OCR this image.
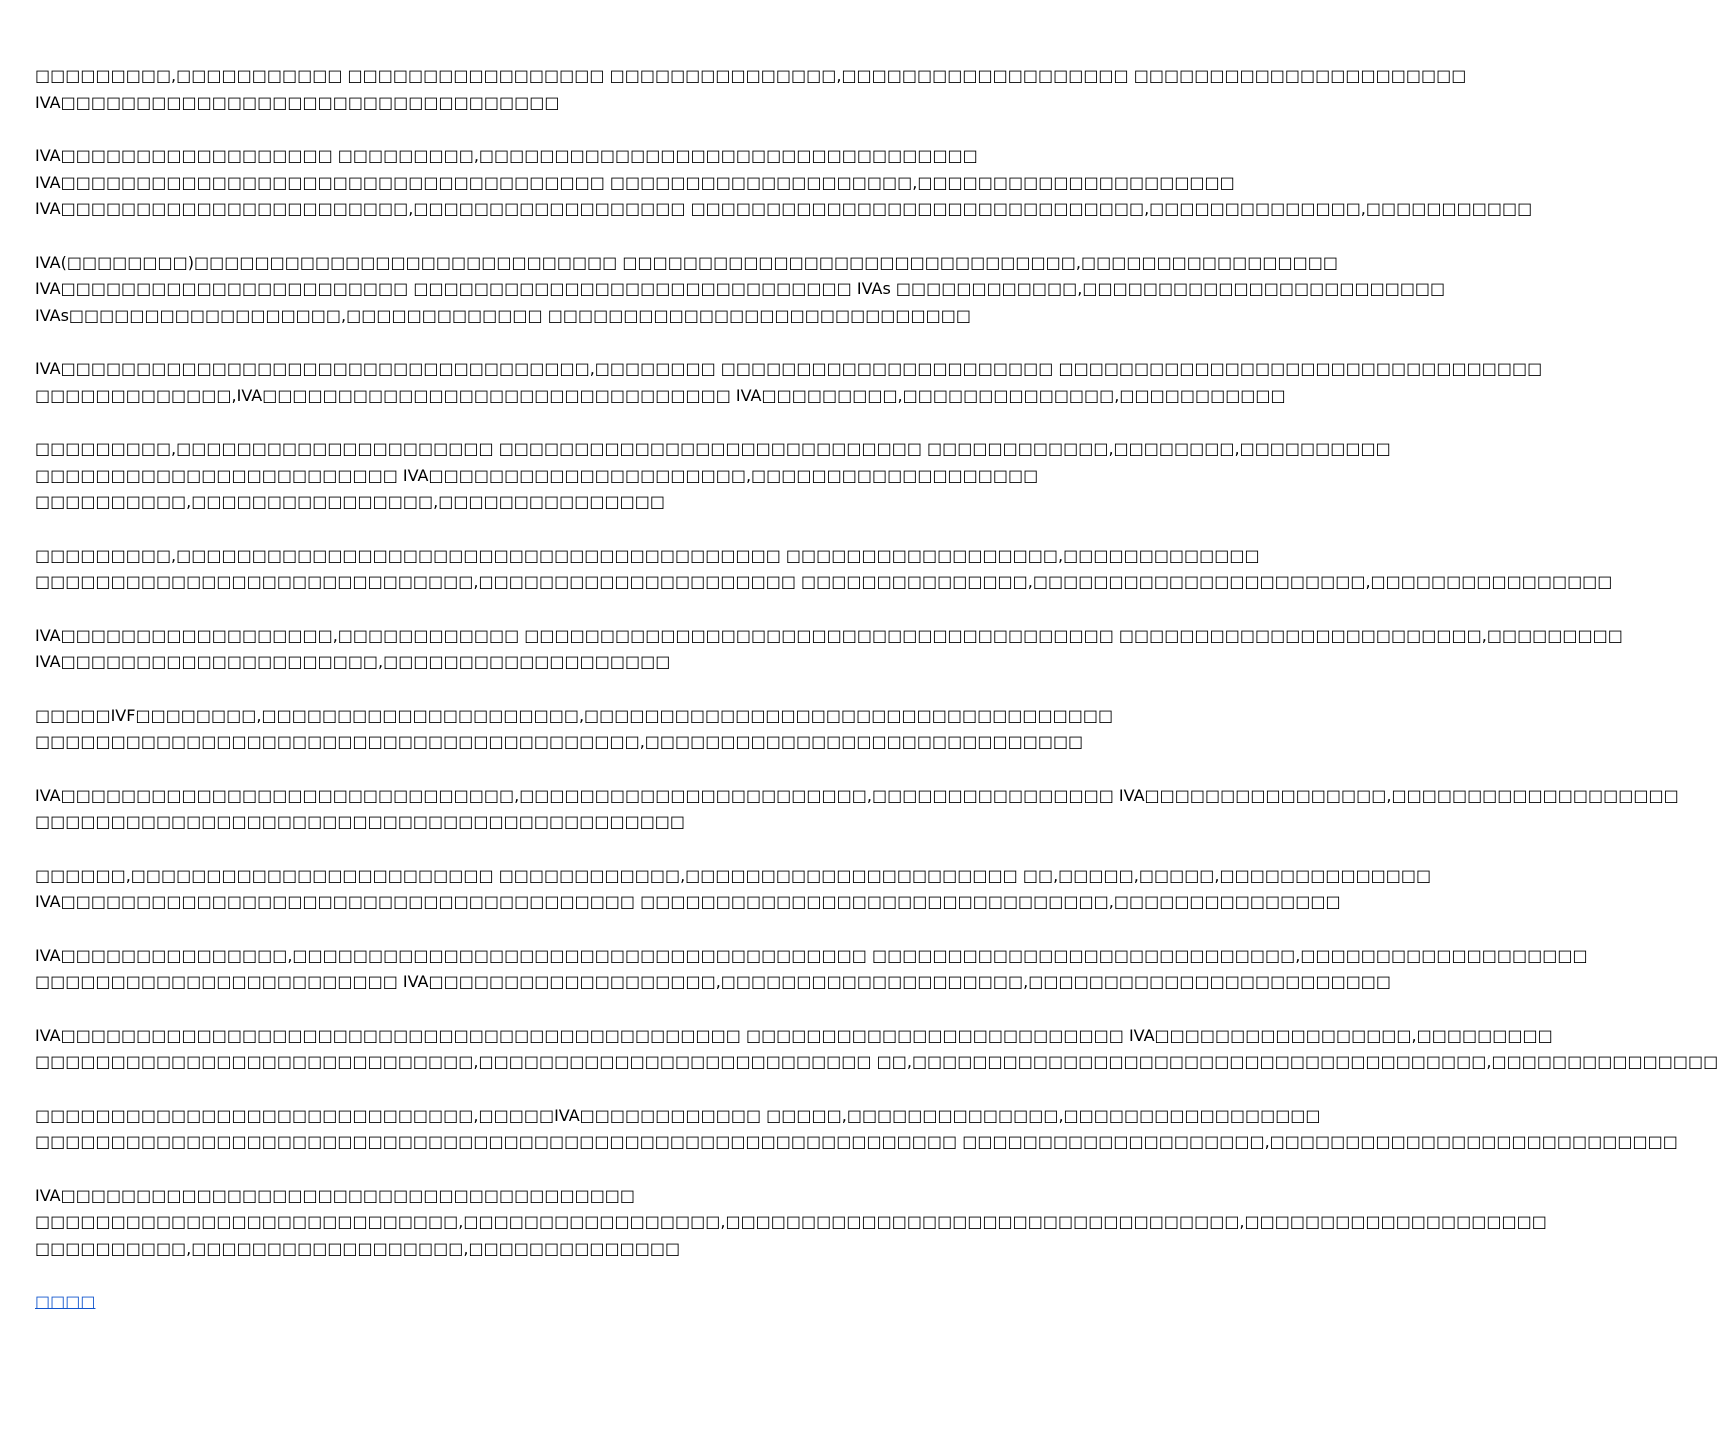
□□□□□□□□□,□□□□□□□□□□□ □□□□□□□□□□□□□□□□□ □□□□□□□□□□□□□□□,□□□□□□□□□□□□□□□□□□□ □□□□□□□□□□□□□□□□□□□□□□
IVA□□□□□□□□□□□□□□□□□□□□□□□□□□□□□□□□□
IVA□□□□□□□□□□□□□□□□□□ □□□□□□□□□,□□□□□□□□□□□□□□□□□□□□□□□□□□□□□□□□□
IVA□□□□□□□□□□□□□□□□□□□□□□□□□□□□□□□□□□□□ □□□□□□□□□□□□□□□□□□□□,□□□□□□□□□□□□□□□□□□□□□
IVA□□□□□□□□□□□□□□□□□□□□□□□,□□□□□□□□□□□□□□□□□□ □□□□□□□□□□□□□□□□□□□□□□□□□□□□□□,□□□□□□□□□□□□□□,□□□□□□□□□□□
IVA(□□□□□□□□)□□□□□□□□□□□□□□□□□□□□□□□□□□□□ □□□□□□□□□□□□□□□□□□□□□□□□□□□□□□,□□□□□□□□□□□□□□□□□
IVA□□□□□□□□□□□□□□□□□□□□□□□ □□□□□□□□□□□□□□□□□□□□□□□□□□□□□ IVAs □□□□□□□□□□□□,□□□□□□□□□□□□□□□□□□□□□□□□
IVAs□□□□□□□□□□□□□□□□□□,□□□□□□□□□□□□□ □□□□□□□□□□□□□□□□□□□□□□□□□□□□
IVA□□□□□□□□□□□□□□□□□□□□□□□□□□□□□□□□□□□,□□□□□□□□ □□□□□□□□□□□□□□□□□□□□□□ □□□□□□□□□□□□□□□□□□□□□□□□□□□□□□□□
□□□□□□□□□□□□□,IVA□□□□□□□□□□□□□□□□□□□□□□□□□□□□□□□ IVA□□□□□□□□□,□□□□□□□□□□□□□□,□□□□□□□□□□□
□□□□□□□□□,□□□□□□□□□□□□□□□□□□□□□ □□□□□□□□□□□□□□□□□□□□□□□□□□□□ □□□□□□□□□□□□,□□□□□□□□,□□□□□□□□□□
□□□□□□□□□□□□□□□□□□□□□□□□ IVA□□□□□□□□□□□□□□□□□□□□□,□□□□□□□□□□□□□□□□□□□
□□□□□□□□□□,□□□□□□□□□□□□□□□□,□□□□□□□□□□□□□□□
□□□□□□□□□,□□□□□□□□□□□□□□□□□□□□□□□□□□□□□□□□□□□□□□□□ □□□□□□□□□□□□□□□□□□,□□□□□□□□□□□□□
□□□□□□□□□□□□□□□□□□□□□□□□□□□□□,□□□□□□□□□□□□□□□□□□□□□ □□□□□□□□□□□□□□□,□□□□□□□□□□□□□□□□□□□□□□,□□□□□□□□□□□□□□□□
IVA□□□□□□□□□□□□□□□□□□,□□□□□□□□□□□□ □□□□□□□□□□□□□□□□□□□□□□□□□□□□□□□□□□□□□□□ □□□□□□□□□□□□□□□□□□□□□□□□,□□□□□□□□□
IVA□□□□□□□□□□□□□□□□□□□□□,□□□□□□□□□□□□□□□□□□□
□□□□□IVF□□□□□□□□,□□□□□□□□□□□□□□□□□□□□□,□□□□□□□□□□□□□□□□□□□□□□□□□□□□□□□□□□□
□□□□□□□□□□□□□□□□□□□□□□□□□□□□□□□□□□□□□□□□,□□□□□□□□□□□□□□□□□□□□□□□□□□□□□
IVA□□□□□□□□□□□□□□□□□□□□□□□□□□□□□□,□□□□□□□□□□□□□□□□□□□□□□□,□□□□□□□□□□□□□□□□ IVA□□□□□□□□□□□□□□□□,□□□□□□□□□□□□□□□□□□□
□□□□□□□□□□□□□□□□□□□□□□□□□□□□□□□□□□□□□□□□□□□
□□□□□□,□□□□□□□□□□□□□□□□□□□□□□□□ □□□□□□□□□□□□,□□□□□□□□□□□□□□□□□□□□□□ □□,□□□□□,□□□□□,□□□□□□□□□□□□□□
IVA□□□□□□□□□□□□□□□□□□□□□□□□□□□□□□□□□□□□□□ □□□□□□□□□□□□□□□□□□□□□□□□□□□□□□□,□□□□□□□□□□□□□□□
IVA□□□□□□□□□□□□□□□,□□□□□□□□□□□□□□□□□□□□□□□□□□□□□□□□□□□□□□ □□□□□□□□□□□□□□□□□□□□□□□□□□□□,□□□□□□□□□□□□□□□□□□□
□□□□□□□□□□□□□□□□□□□□□□□□ IVA□□□□□□□□□□□□□□□□□□□,□□□□□□□□□□□□□□□□□□□□,□□□□□□□□□□□□□□□□□□□□□□□□
IVA□□□□□□□□□□□□□□□□□□□□□□□□□□□□□□□□□□□□□□□□□□□□□ □□□□□□□□□□□□□□□□□□□□□□□□□ IVA□□□□□□□□□□□□□□□□□,□□□□□□□□□
□□□□□□□□□□□□□□□□□□□□□□□□□□□□□,□□□□□□□□□□□□□□□□□□□□□□□□□□ □□,□□□□□□□□□□□□□□□□□□□□□□□□□□□□□□□□□□□□□□,□□□□□□□□□□□□□□□
□□□□□□□□□□□□□□□□□□□□□□□□□□□□□,□□□□□IVA□□□□□□□□□□□□ □□□□□,□□□□□□□□□□□□□□,□□□□□□□□□□□□□□□□□
□□□□□□□□□□□□□□□□□□□□□□□□□□□□□□□□□□□□□□□□□□□□□□□□□□□□□□□□□□□□□ □□□□□□□□□□□□□□□□□□□□,□□□□□□□□□□□□□□□□□□□□□□□□□□□
IVA□□□□□□□□□□□□□□□□□□□□□□□□□□□□□□□□□□□□□□
□□□□□□□□□□□□□□□□□□□□□□□□□□□□,□□□□□□□□□□□□□□□□□,□□□□□□□□□□□□□□□□□□□□□□□□□□□□□□□□□□,□□□□□□□□□□□□□□□□□□□□
□□□□□□□□□□,□□□□□□□□□□□□□□□□□□,□□□□□□□□□□□□□□
□□□□
